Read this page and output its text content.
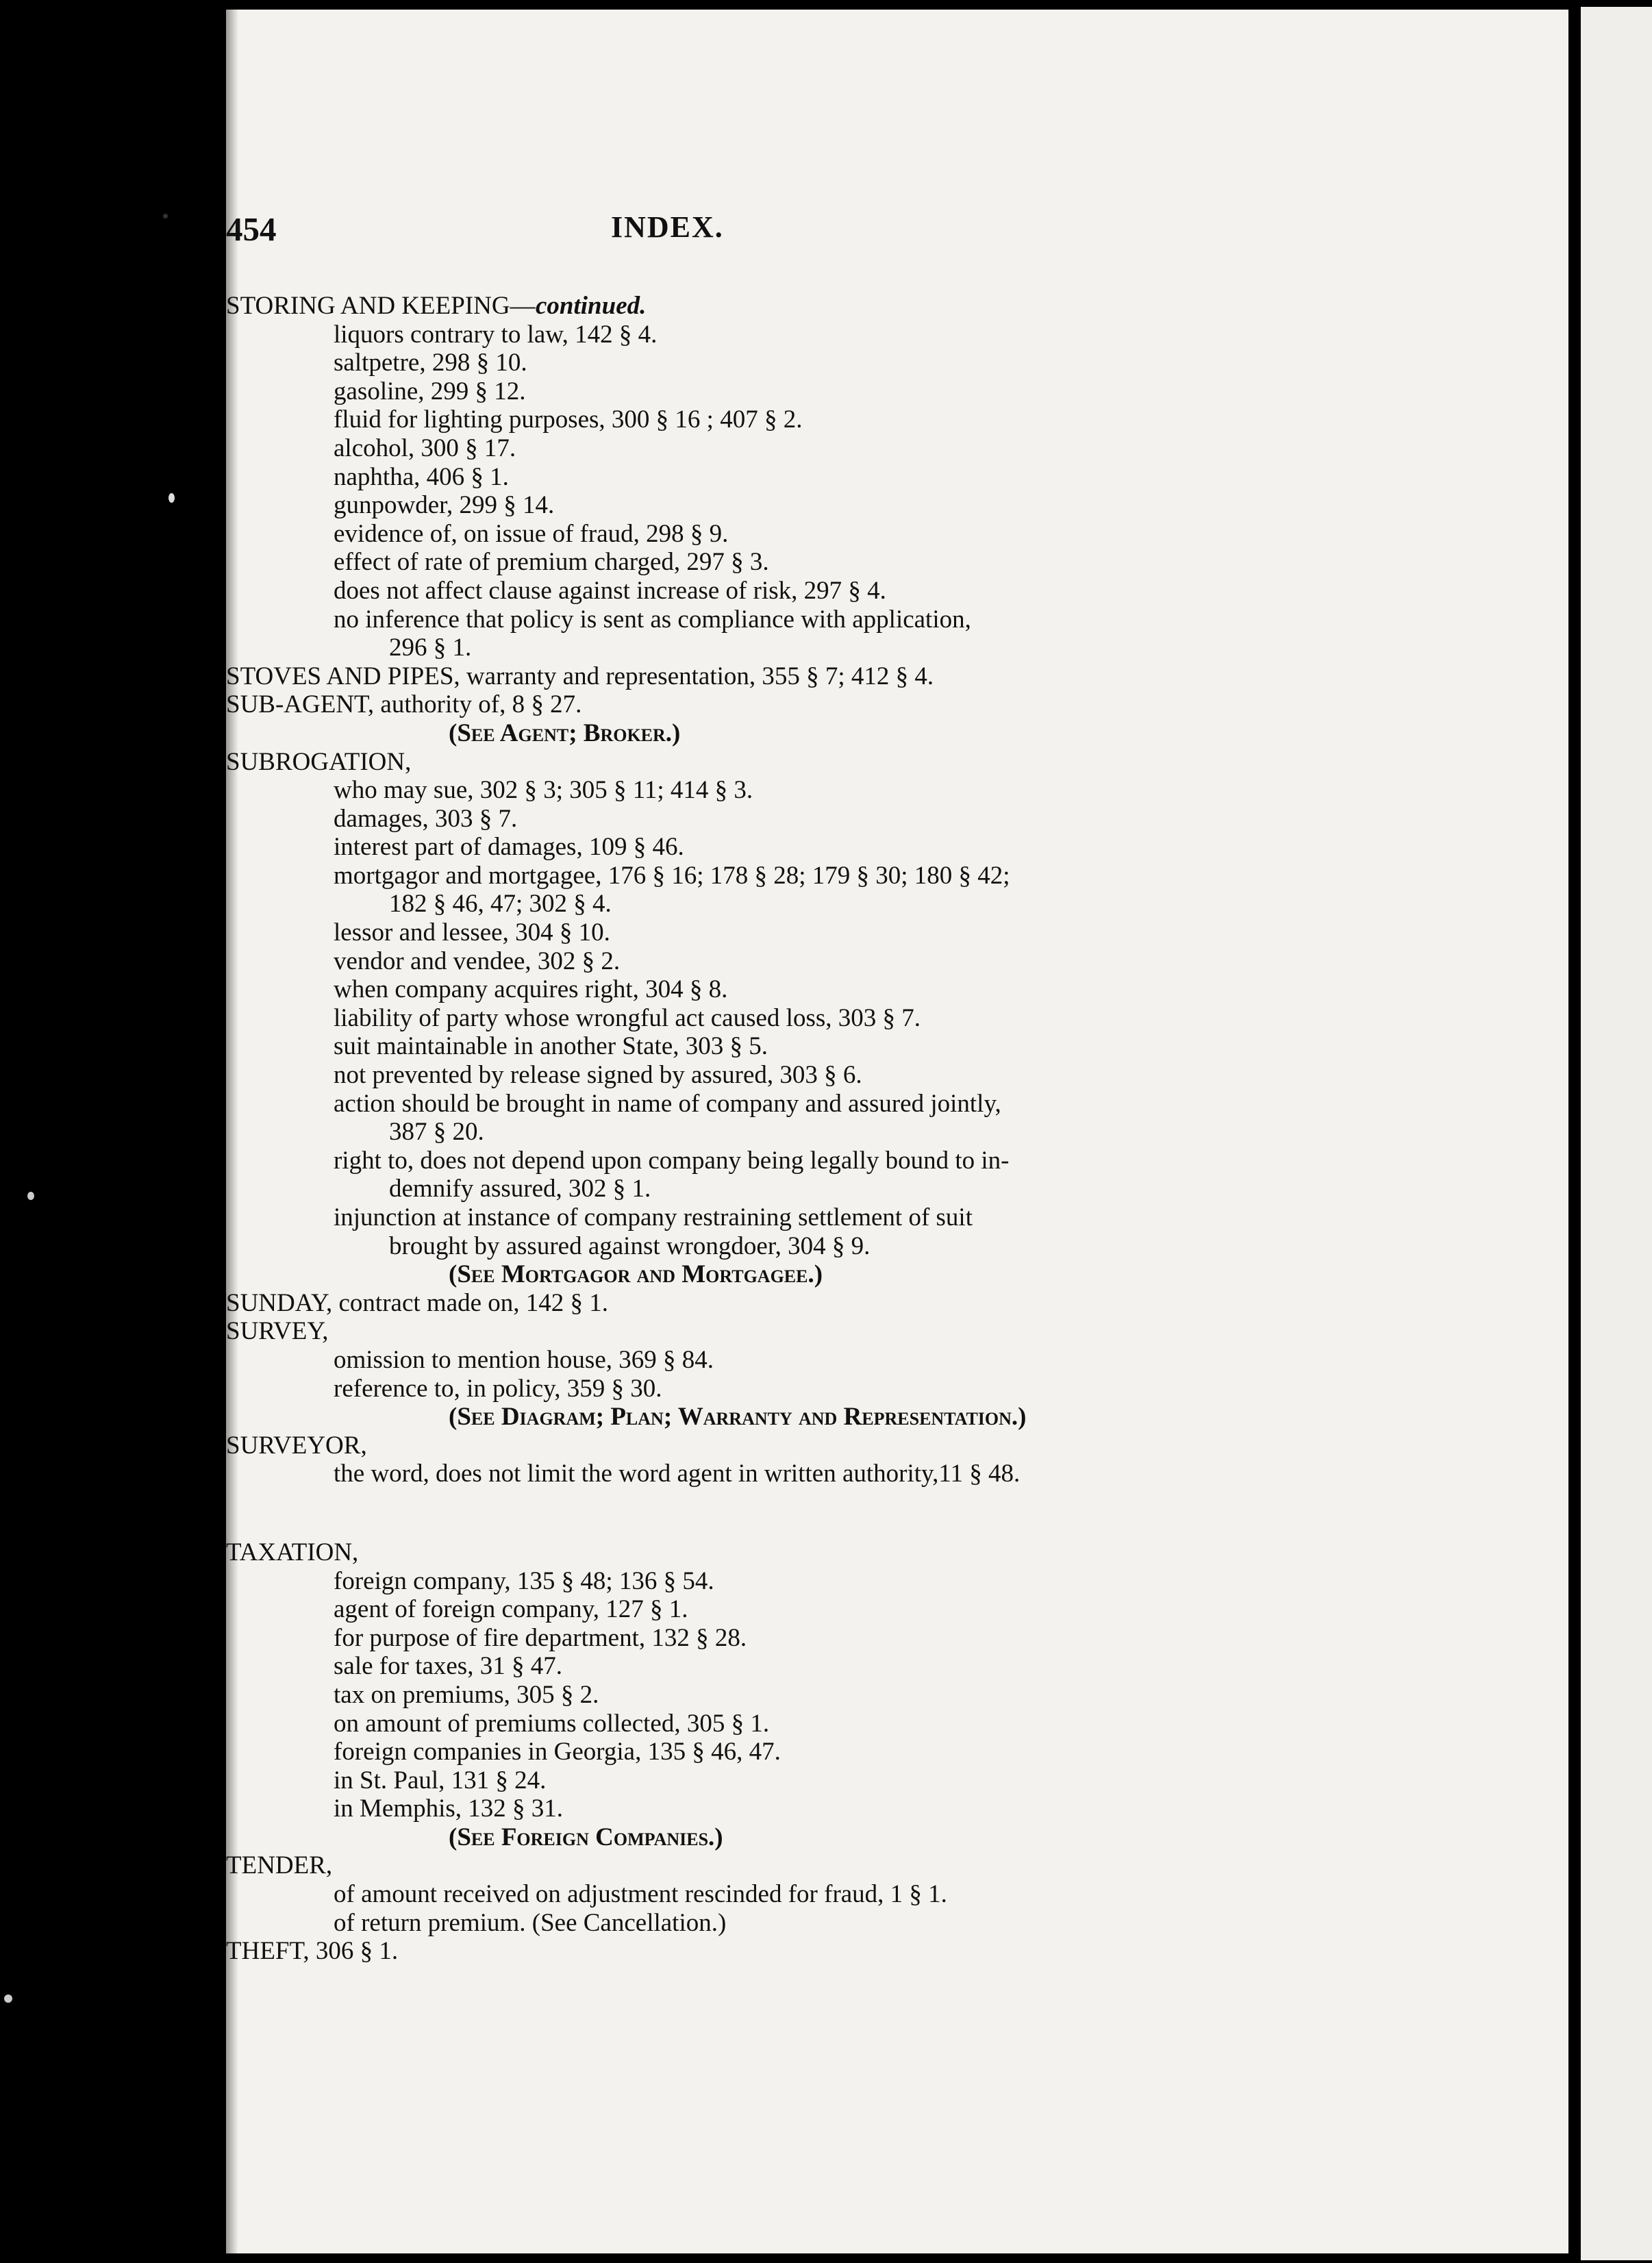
454	INDEX.
STORING AND KEEPING— continued.
liquors contrary to law, 142 § 4.
saltpetre, 298 § 10.
gasoline, 299 § 12.
fluid for lighting purposes, 300 § 16 ; 407 § 2.
alcohol, 300 § 17.
naphtha, 406 § 1.
gunpowder, 299 § 14.
evidence of, on issue of fraud, 298 § 9.
effect of rate of premium charged, 297 § 3.
does not affect clause against increase of risk, 297 § 4.
no inference that policy is sent as compliance with application,
296 § 1.
STOVES AND PIPES, warranty and representation, 355 § 7; 412 § 4.
SUB-AGENT, authority of, 8 § 27.
(See Agent; Broker.)
SUBROGATION,
who may sue, 302 § 3; 305 § 11; 414 § 3.
damages, 303 § 7.
interest part of damages, 109 § 46.
mortgagor and mortgagee, 176 § 16; 178 § 28; 179 § 30; 180 § 42;
182 § 46, 47; 302 § 4.
lessor and lessee, 304 § 10.
vendor and vendee, 302 § 2.
when company acquires right, 304 § 8.
liability of party whose wrongful act caused loss, 303 § 7.
suit maintainable in another State, 303 § 5.
not prevented by release signed by assured, 303 § 6.
action should be brought in name of company and assured jointly,
387 § 20.
right to, does not depend upon company being legally bound to in-
demnify assured, 302 § 1.
injunction at instance of company restraining settlement of suit
brought by assured against wrongdoer, 304 § 9.
(See Mortgagor and Mortgagee.)
SUNDAY, contract made on, 142 § 1.
SURVEY,
omission to mention house, 369 § 84.
reference to, in policy, 359 § 30.
(See Diagram; Plan; Warranty and Representation.)
SURVEYOR,
the word, does not limit the word agent in written authority,11 § 48.
TAXATION,
foreign company, 135 § 48; 136 § 54.
agent of foreign company, 127 § 1.
for purpose of fire department, 132 § 28.
sale for taxes, 31 § 47.
tax on premiums, 305 § 2.
on amount of premiums collected, 305 § 1.
foreign companies in Georgia, 135 § 46, 47.
in St. Paul, 131 § 24.
in Memphis, 132 § 31.
(See Foreign Companies.)
TENDER,
of amount received on adjustment rescinded for fraud, 1 § 1.
of return premium. (See Cancellation.)
THEFT, 306 § 1.
